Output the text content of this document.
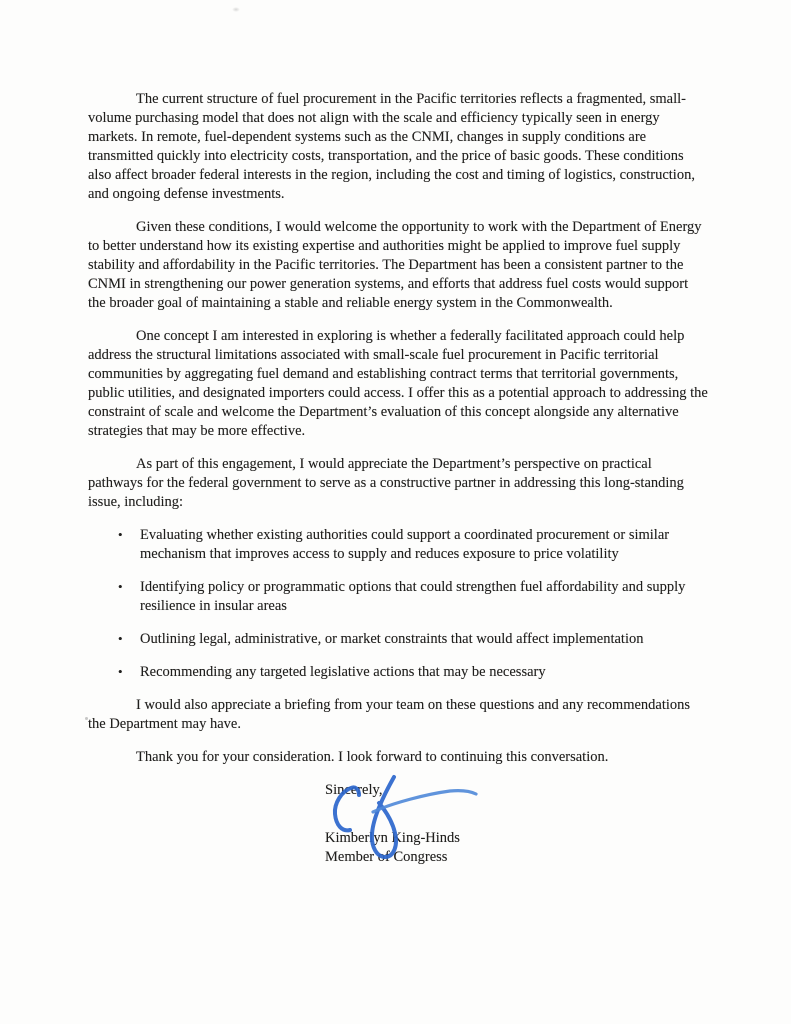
The current structure of fuel procurement in the Pacific territories reflects a fragmented, small-volume purchasing model that does not align with the scale and efficiency typically seen in energy markets. In remote, fuel-dependent systems such as the CNMI, changes in supply conditions are transmitted quickly into electricity costs, transportation, and the price of basic goods. These conditions also affect broader federal interests in the region, including the cost and timing of logistics, construction, and ongoing defense investments.

Given these conditions, I would welcome the opportunity to work with the Department of Energy to better understand how its existing expertise and authorities might be applied to improve fuel supply stability and affordability in the Pacific territories. The Department has been a consistent partner to the CNMI in strengthening our power generation systems, and efforts that address fuel costs would support the broader goal of maintaining a stable and reliable energy system in the Commonwealth.

One concept I am interested in exploring is whether a federally facilitated approach could help address the structural limitations associated with small-scale fuel procurement in Pacific territorial communities by aggregating fuel demand and establishing contract terms that territorial governments, public utilities, and designated importers could access. I offer this as a potential approach to addressing the constraint of scale and welcome the Department’s evaluation of this concept alongside any alternative strategies that may be more effective.

As part of this engagement, I would appreciate the Department’s perspective on practical pathways for the federal government to serve as a constructive partner in addressing this long-standing issue, including:

• Evaluating whether existing authorities could support a coordinated procurement or similar mechanism that improves access to supply and reduces exposure to price volatility
• Identifying policy or programmatic options that could strengthen fuel affordability and supply resilience in insular areas
• Outlining legal, administrative, or market constraints that would affect implementation
• Recommending any targeted legislative actions that may be necessary

I would also appreciate a briefing from your team on these questions and any recommendations the Department may have.

Thank you for your consideration. I look forward to continuing this conversation.

Sincerely,

Kimberlyn King-Hinds

Member of Congress
